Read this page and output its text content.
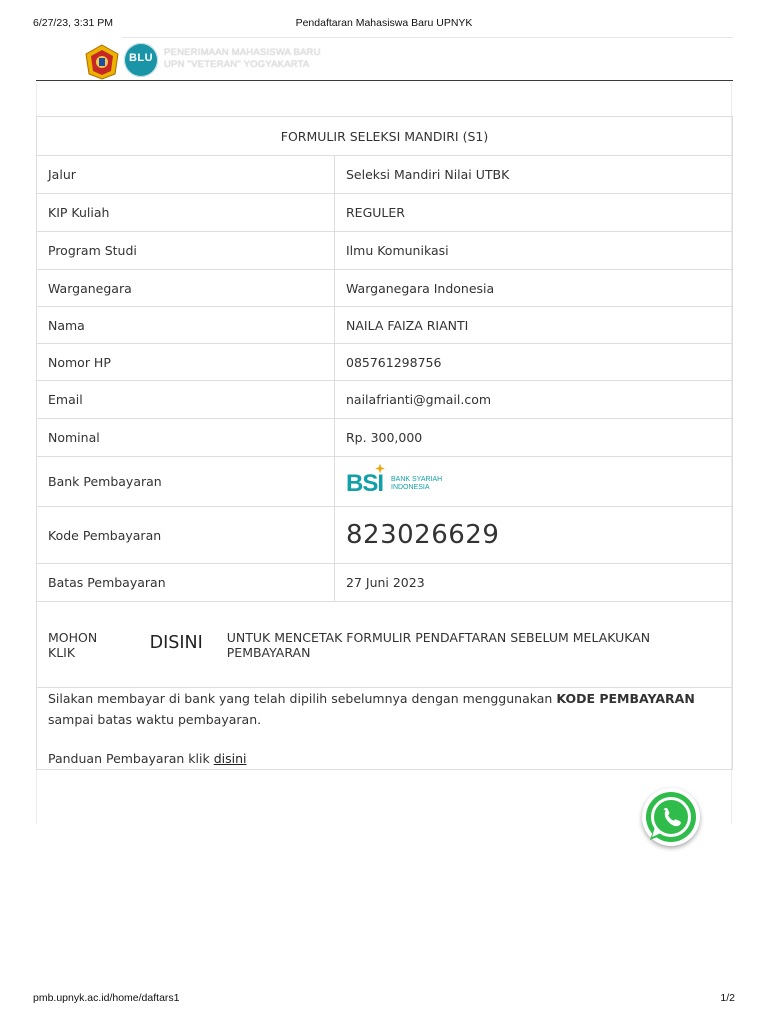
6/27/23, 3:31 PM	Pendaftaran Mahasiswa Baru UPNYK
BLU	PENERIMAAN MAHASISWA BARU
UPN "VETERAN" YOGYAKARTA
FORMULIR SELEKSI MANDIRI (S1)	
Jalur	Seleksi Mandiri Nilai UTBK
KIP Kuliah	REGULER
Program Studi	Ilmu Komunikasi
Warganegara	Warganegara Indonesia
Nama	NAILA FAIZA RIANTI
Nomor HP	085761298756
Email	nailafrianti@gmail.com
Nominal	Rp. 300,000
Bank Pembayaran	BSI BANK SYARIAH
INDONESIA

Kode Pembayaran	823026629
Batas Pembayaran	27 Juni 2023

MOHON KLIK DISINI UNTUK MENCETAK FORMULIR PENDAFTARAN SEBELUM MELAKUKAN PEMBAYARAN	

Silakan membayar di bank yang telah dipilih sebelumnya dengan menggunakan KODE PEMBAYARAN sampai batas waktu pembayaran.

Panduan Pembayaran klik disini	

pmb.upnyk.ac.id/home/daftars1	1/2
